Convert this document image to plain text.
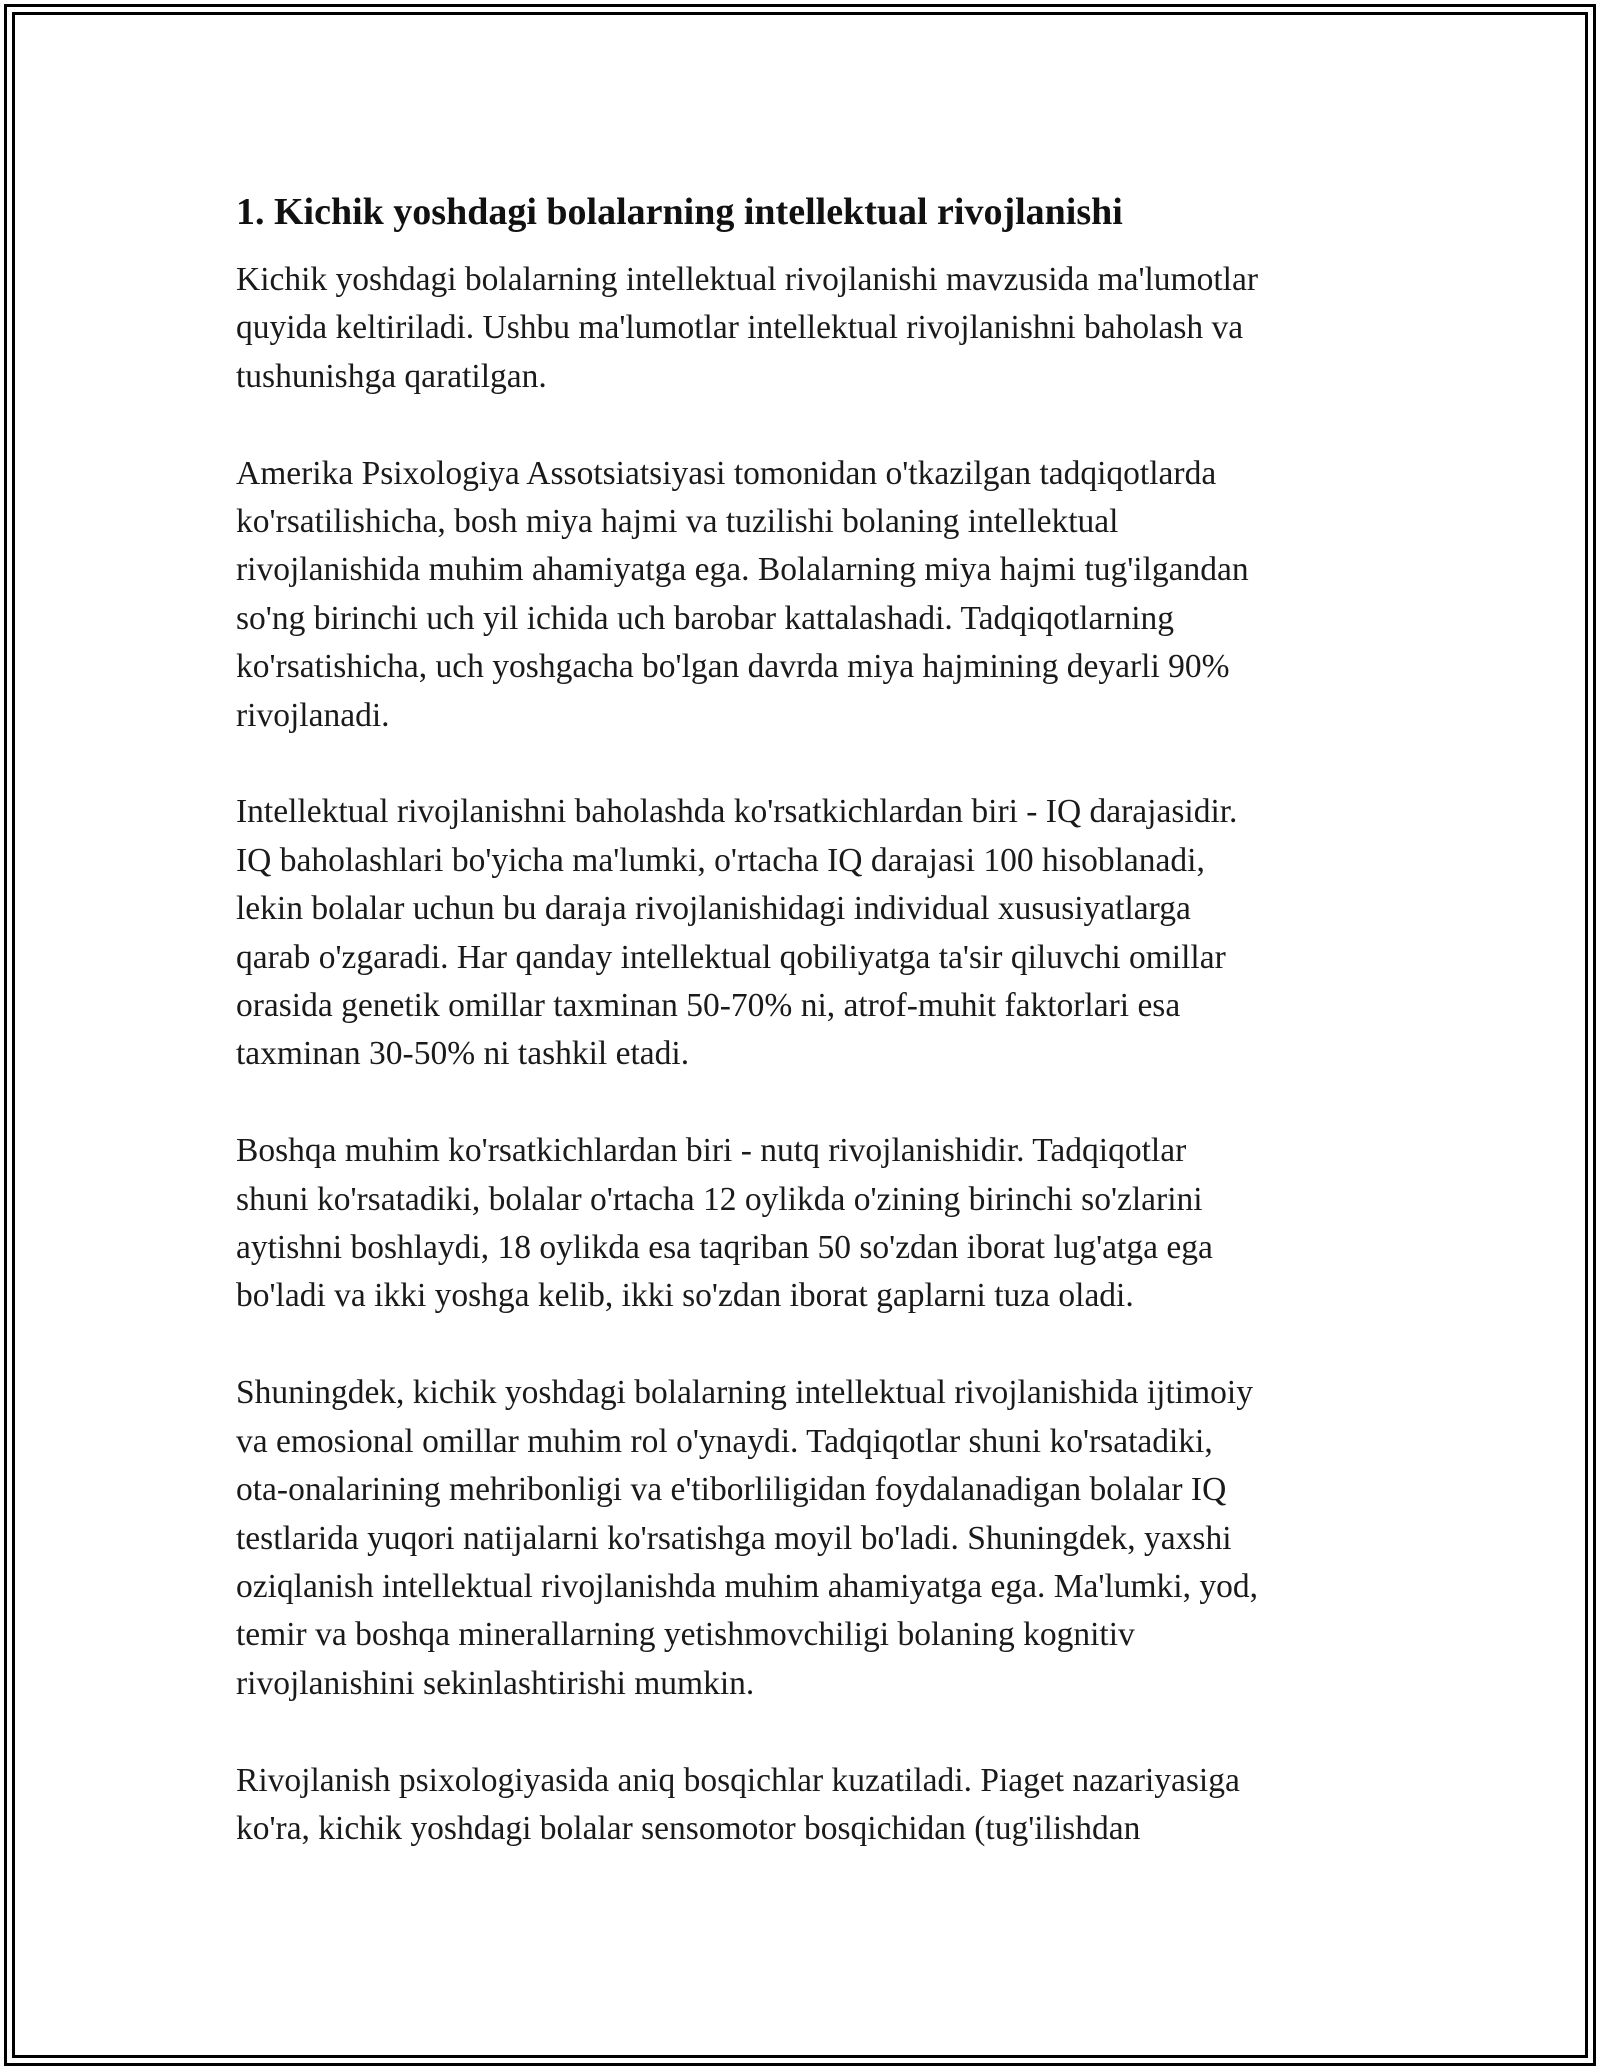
1. Kichik yoshdagi bolalarning intellektual rivojlanishi

Kichik yoshdagi bolalarning intellektual rivojlanishi mavzusida ma'lumotlar
quyida keltiriladi. Ushbu ma'lumotlar intellektual rivojlanishni baholash va
tushunishga qaratilgan.

Amerika Psixologiya Assotsiatsiyasi tomonidan o'tkazilgan tadqiqotlarda
ko'rsatilishicha, bosh miya hajmi va tuzilishi bolaning intellektual
rivojlanishida muhim ahamiyatga ega. Bolalarning miya hajmi tug'ilgandan
so'ng birinchi uch yil ichida uch barobar kattalashadi. Tadqiqotlarning
ko'rsatishicha, uch yoshgacha bo'lgan davrda miya hajmining deyarli 90%
rivojlanadi.

Intellektual rivojlanishni baholashda ko'rsatkichlardan biri - IQ darajasidir.
IQ baholashlari bo'yicha ma'lumki, o'rtacha IQ darajasi 100 hisoblanadi,
lekin bolalar uchun bu daraja rivojlanishidagi individual xususiyatlarga
qarab o'zgaradi. Har qanday intellektual qobiliyatga ta'sir qiluvchi omillar
orasida genetik omillar taxminan 50-70% ni, atrof-muhit faktorlari esa
taxminan 30-50% ni tashkil etadi.

Boshqa muhim ko'rsatkichlardan biri - nutq rivojlanishidir. Tadqiqotlar
shuni ko'rsatadiki, bolalar o'rtacha 12 oylikda o'zining birinchi so'zlarini
aytishni boshlaydi, 18 oylikda esa taqriban 50 so'zdan iborat lug'atga ega
bo'ladi va ikki yoshga kelib, ikki so'zdan iborat gaplarni tuza oladi.

Shuningdek, kichik yoshdagi bolalarning intellektual rivojlanishida ijtimoiy
va emosional omillar muhim rol o'ynaydi. Tadqiqotlar shuni ko'rsatadiki,
ota-onalarining mehribonligi va e'tiborliligidan foydalanadigan bolalar IQ
testlarida yuqori natijalarni ko'rsatishga moyil bo'ladi. Shuningdek, yaxshi
oziqlanish intellektual rivojlanishda muhim ahamiyatga ega. Ma'lumki, yod,
temir va boshqa minerallarning yetishmovchiligi bolaning kognitiv
rivojlanishini sekinlashtirishi mumkin.

Rivojlanish psixologiyasida aniq bosqichlar kuzatiladi. Piaget nazariyasiga
ko'ra, kichik yoshdagi bolalar sensomotor bosqichidan (tug'ilishdan
